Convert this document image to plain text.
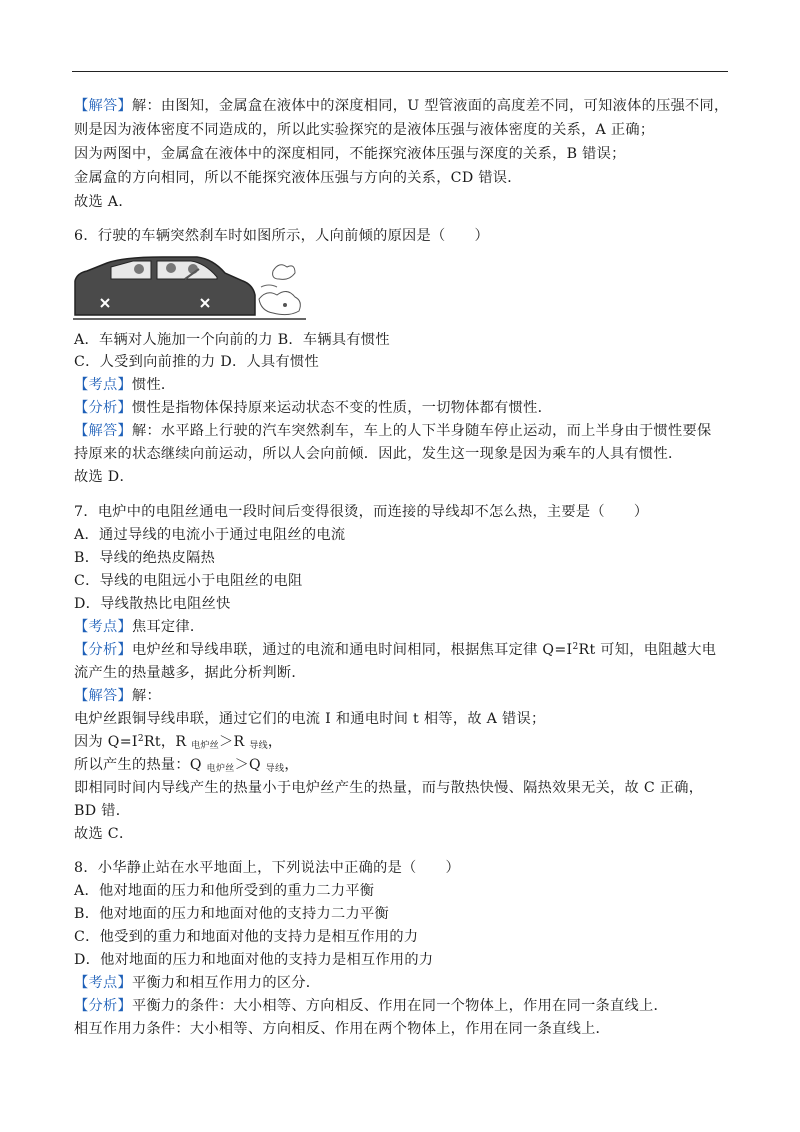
【解答】解：由图知，金属盒在液体中的深度相同，U 型管液面的高度差不同，可知液体的压强不同，
则是因为液体密度不同造成的，所以此实验探究的是液体压强与液体密度的关系，A 正确；
因为两图中，金属盒在液体中的深度相同，不能探究液体压强与深度的关系，B 错误；
金属盒的方向相同，所以不能探究液体压强与方向的关系，CD 错误．
故选 A．
6．行驶的车辆突然刹车时如图所示，人向前倾的原因是（　　）
A．车辆对人施加一个向前的力 B．车辆具有惯性
C．人受到向前推的力 D．人具有惯性
【考点】惯性．
【分析】惯性是指物体保持原来运动状态不变的性质，一切物体都有惯性．
【解答】解：水平路上行驶的汽车突然刹车，车上的人下半身随车停止运动，而上半身由于惯性要保
持原来的状态继续向前运动，所以人会向前倾．因此，发生这一现象是因为乘车的人具有惯性．
故选 D．
7．电炉中的电阻丝通电一段时间后变得很烫，而连接的导线却不怎么热，主要是（　　）
A．通过导线的电流小于通过电阻丝的电流
B．导线的绝热皮隔热
C．导线的电阻远小于电阻丝的电阻
D．导线散热比电阻丝快
【考点】焦耳定律．
【分析】电炉丝和导线串联，通过的电流和通电时间相同，根据焦耳定律 $Q=I^2Rt$ 可知，电阻越大电
流产生的热量越多，据此分析判断．
【解答】解：
电炉丝跟铜导线串联，通过它们的电流 I 和通电时间 t 相等，故 A 错误；
因为 $Q=I^2Rt$，R $_{电炉丝}$＞R $_{导线}$，
所以产生的热量：Q $_{电炉丝}$＞Q $_{导线}$，
即相同时间内导线产生的热量小于电炉丝产生的热量，而与散热快慢、隔热效果无关，故 C 正确，
BD 错．
故选 C．
8．小华静止站在水平地面上，下列说法中正确的是（　　）
A．他对地面的压力和他所受到的重力二力平衡
B．他对地面的压力和地面对他的支持力二力平衡
C．他受到的重力和地面对他的支持力是相互作用的力
D．他对地面的压力和地面对他的支持力是相互作用的力
【考点】平衡力和相互作用力的区分．
【分析】平衡力的条件：大小相等、方向相反、作用在同一个物体上，作用在同一条直线上．
相互作用力条件：大小相等、方向相反、作用在两个物体上，作用在同一条直线上．
